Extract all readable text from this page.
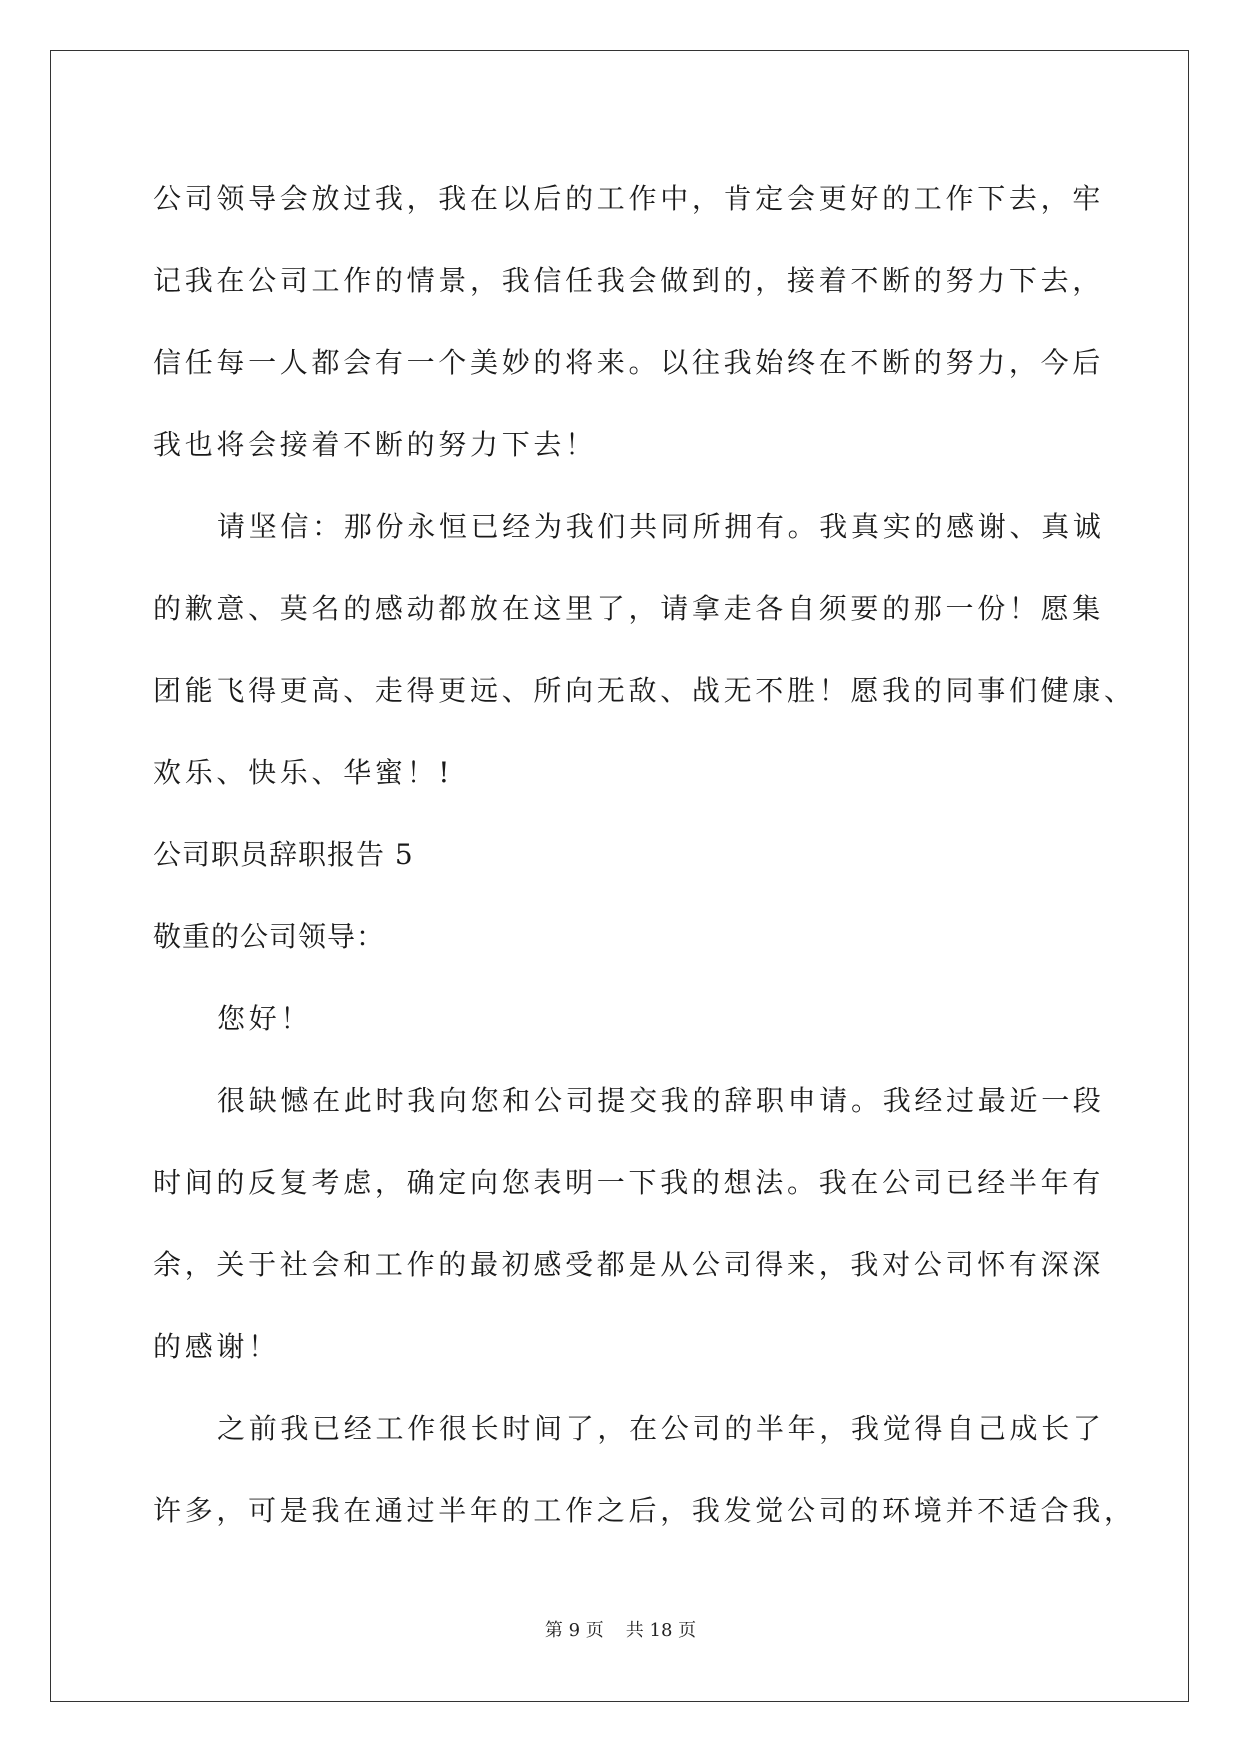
公司领导会放过我，我在以后的工作中，肯定会更好的工作下去，牢
记我在公司工作的情景，我信任我会做到的，接着不断的努力下去，
信任每一人都会有一个美妙的将来。以往我始终在不断的努力，今后
我也将会接着不断的努力下去！
请坚信：那份永恒已经为我们共同所拥有。我真实的感谢、真诚
的歉意、莫名的感动都放在这里了，请拿走各自须要的那一份！愿集
团能飞得更高、走得更远、所向无敌、战无不胜！愿我的同事们健康、
欢乐、快乐、华蜜！!
公司职员辞职报告 5
敬重的公司领导：
您好！
很缺憾在此时我向您和公司提交我的辞职申请。我经过最近一段
时间的反复考虑，确定向您表明一下我的想法。我在公司已经半年有
余，关于社会和工作的最初感受都是从公司得来，我对公司怀有深深
的感谢！
之前我已经工作很长时间了，在公司的半年，我觉得自己成长了
许多，可是我在通过半年的工作之后，我发觉公司的环境并不适合我，
第 9 页 共 18 页
